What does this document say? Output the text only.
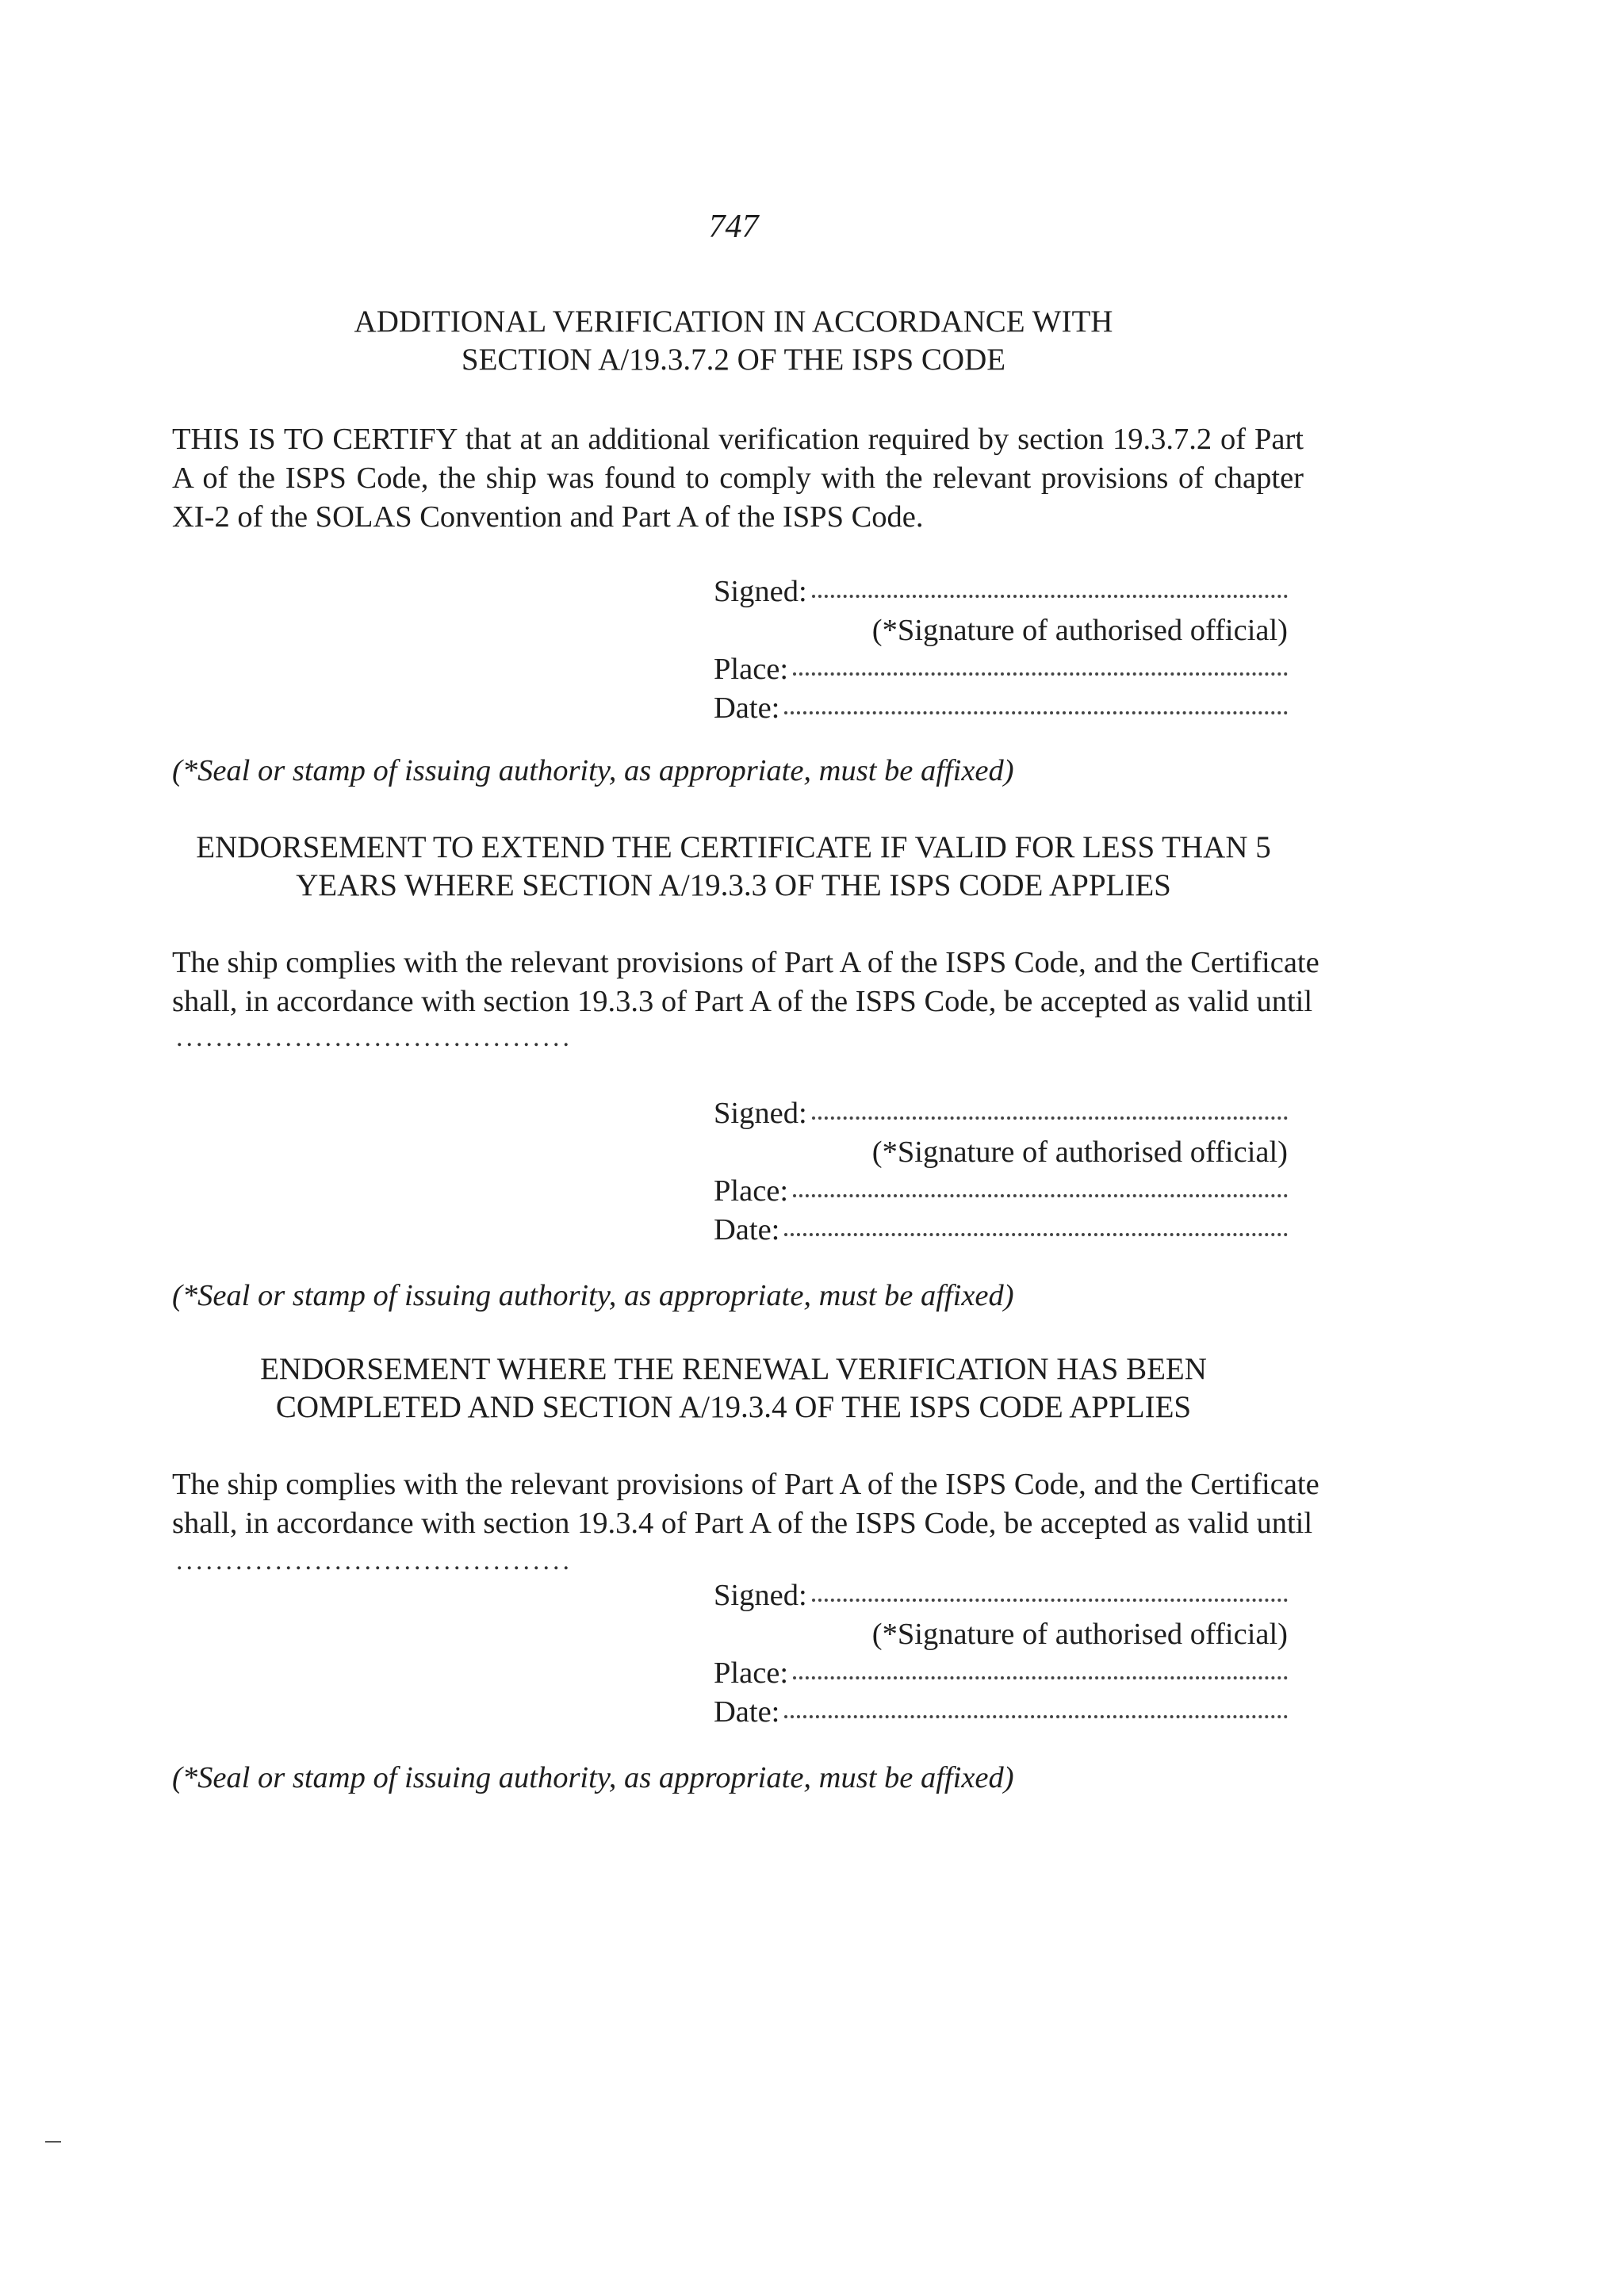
747
ADDITIONAL VERIFICATION IN ACCORDANCE WITH
SECTION A/19.3.7.2 OF THE ISPS CODE
THIS IS TO CERTIFY that at an additional verification required by section 19.3.7.2 of Part
A of the ISPS Code, the ship was found to comply with the relevant provisions of chapter
XI-2 of the SOLAS Convention and Part A of the ISPS Code.
Signed:
(*Signature of authorised official)
Place:
Date:
(*Seal or stamp of issuing authority, as appropriate, must be affixed)
ENDORSEMENT TO EXTEND THE CERTIFICATE IF VALID FOR LESS THAN 5
YEARS WHERE SECTION A/19.3.3 OF THE ISPS CODE APPLIES
The ship complies with the relevant provisions of Part A of the ISPS Code, and the Certificate
shall, in accordance with section 19.3.3 of Part A of the ISPS Code, be accepted as valid until
........................................
Signed:
(*Signature of authorised official)
Place:
Date:
(*Seal or stamp of issuing authority, as appropriate, must be affixed)
ENDORSEMENT WHERE THE RENEWAL VERIFICATION HAS BEEN
COMPLETED AND SECTION A/19.3.4 OF THE ISPS CODE APPLIES
The ship complies with the relevant provisions of Part A of the ISPS Code, and the Certificate
shall, in accordance with section 19.3.4 of Part A of the ISPS Code, be accepted as valid until
........................................
Signed:
(*Signature of authorised official)
Place:
Date:
(*Seal or stamp of issuing authority, as appropriate, must be affixed)
